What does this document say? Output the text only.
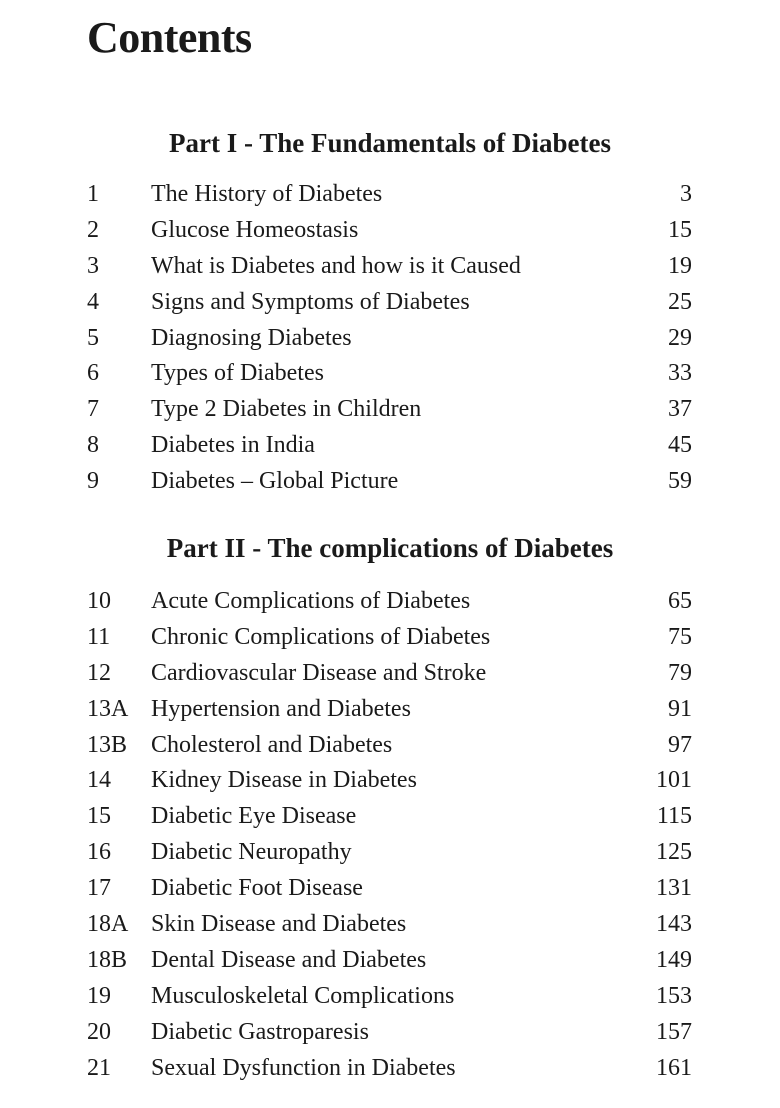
Contents
Part I - The Fundamentals of Diabetes
1 The History of Diabetes	3
2 Glucose Homeostasis	15
3 What is Diabetes and how is it Caused	19
4 Signs and Symptoms of Diabetes	25
5 Diagnosing Diabetes	29
6 Types of Diabetes	33
7 Type 2 Diabetes in Children	37
8 Diabetes in India	45
9 Diabetes – Global Picture	59
Part II - The complications of Diabetes
10 Acute Complications of Diabetes	65
11 Chronic Complications of Diabetes	75
12 Cardiovascular Disease and Stroke	79
13A Hypertension and Diabetes	91
13B Cholesterol and Diabetes	97
14 Kidney Disease in Diabetes	101
15 Diabetic Eye Disease	115
16 Diabetic Neuropathy	125
17 Diabetic Foot Disease	131
18A Skin Disease and Diabetes	143
18B Dental Disease and Diabetes	149
19 Musculoskeletal Complications	153
20 Diabetic Gastroparesis	157
21 Sexual Dysfunction in Diabetes	161
